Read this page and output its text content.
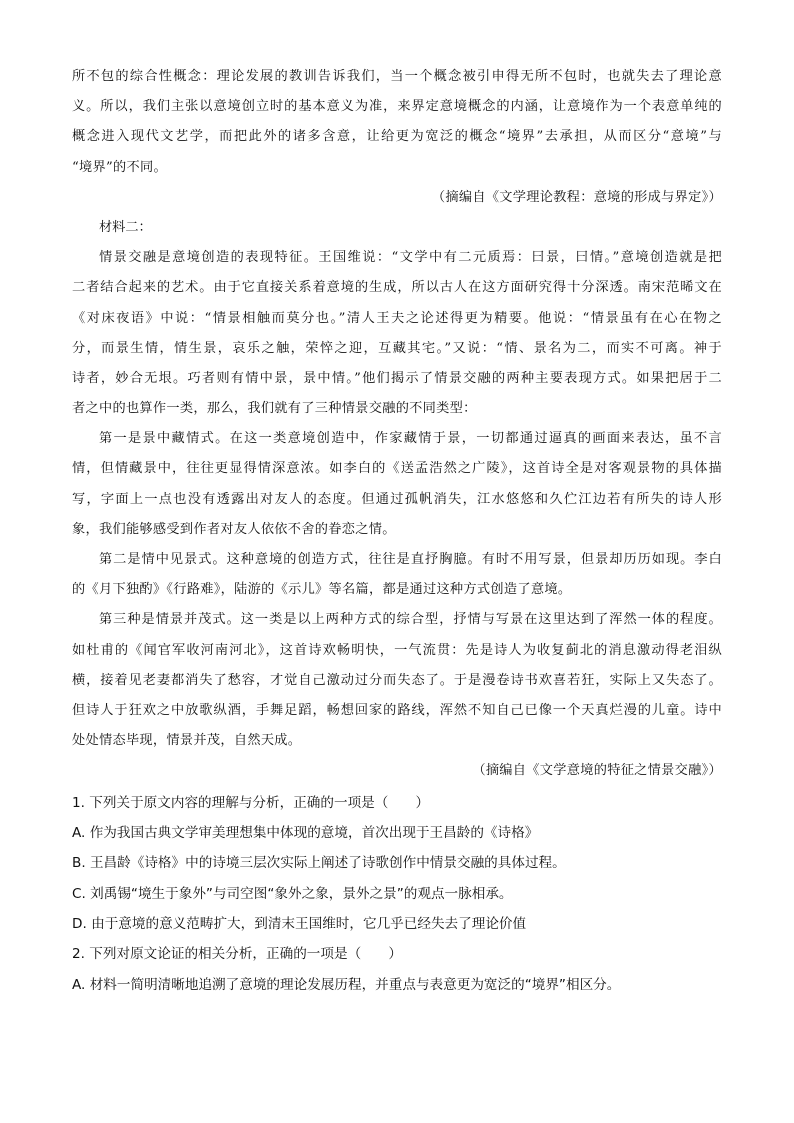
所不包的综合性概念：理论发展的教训告诉我们，当一个概念被引申得无所不包时，也就失去了理论意
义。所以，我们主张以意境创立时的基本意义为准，来界定意境概念的内涵，让意境作为一个表意单纯的
概念进入现代文艺学，而把此外的诸多含意，让给更为宽泛的概念“境界”去承担，从而区分“意境”与
“境界”的不同。
（摘编自《文学理论教程：意境的形成与界定》）
材料二：
情景交融是意境创造的表现特征。王国维说：“文学中有二元质焉：曰景，曰情。”意境创造就是把
二者结合起来的艺术。由于它直接关系着意境的生成，所以古人在这方面研究得十分深透。南宋范晞文在
《对床夜语》中说：“情景相触而莫分也。”清人王夫之论述得更为精要。他说：“情景虽有在心在物之
分，而景生情，情生景，哀乐之触，荣悴之迎，互藏其宅。”又说：“情、景名为二，而实不可离。神于
诗者，妙合无垠。巧者则有情中景，景中情。”他们揭示了情景交融的两种主要表现方式。如果把居于二
者之中的也算作一类，那么，我们就有了三种情景交融的不同类型：
第一是景中藏情式。在这一类意境创造中，作家藏情于景，一切都通过逼真的画面来表达，虽不言
情，但情藏景中，往往更显得情深意浓。如李白的《送孟浩然之广陵》，这首诗全是对客观景物的具体描
写，字面上一点也没有透露出对友人的态度。但通过孤帆消失，江水悠悠和久伫江边若有所失的诗人形
象，我们能够感受到作者对友人依依不舍的眷恋之情。
第二是情中见景式。这种意境的创造方式，往往是直抒胸臆。有时不用写景，但景却历历如现。李白
的《月下独酌》《行路难》，陆游的《示儿》等名篇，都是通过这种方式创造了意境。
第三种是情景并茂式。这一类是以上两种方式的综合型，抒情与写景在这里达到了浑然一体的程度。
如杜甫的《闻官军收河南河北》，这首诗欢畅明快，一气流贯：先是诗人为收复蓟北的消息激动得老泪纵
横，接着见老妻都消失了愁容，才觉自己激动过分而失态了。于是漫卷诗书欢喜若狂，实际上又失态了。
但诗人于狂欢之中放歌纵酒，手舞足蹈，畅想回家的路线，浑然不知自己已像一个天真烂漫的儿童。诗中
处处情态毕现，情景并茂，自然天成。
（摘编自《文学意境的特征之情景交融》）
1. 下列关于原文内容的理解与分析，正确的一项是（　　）
A. 作为我国古典文学审美理想集中体现的意境，首次出现于王昌龄的《诗格》
B. 王昌龄《诗格》中的诗境三层次实际上阐述了诗歌创作中情景交融的具体过程。
C. 刘禹锡“境生于象外”与司空图“象外之象，景外之景”的观点一脉相承。
D. 由于意境的意义范畴扩大，到清末王国维时，它几乎已经失去了理论价值
2. 下列对原文论证的相关分析，正确的一项是（　　）
A. 材料一简明清晰地追溯了意境的理论发展历程，并重点与表意更为宽泛的“境界”相区分。
